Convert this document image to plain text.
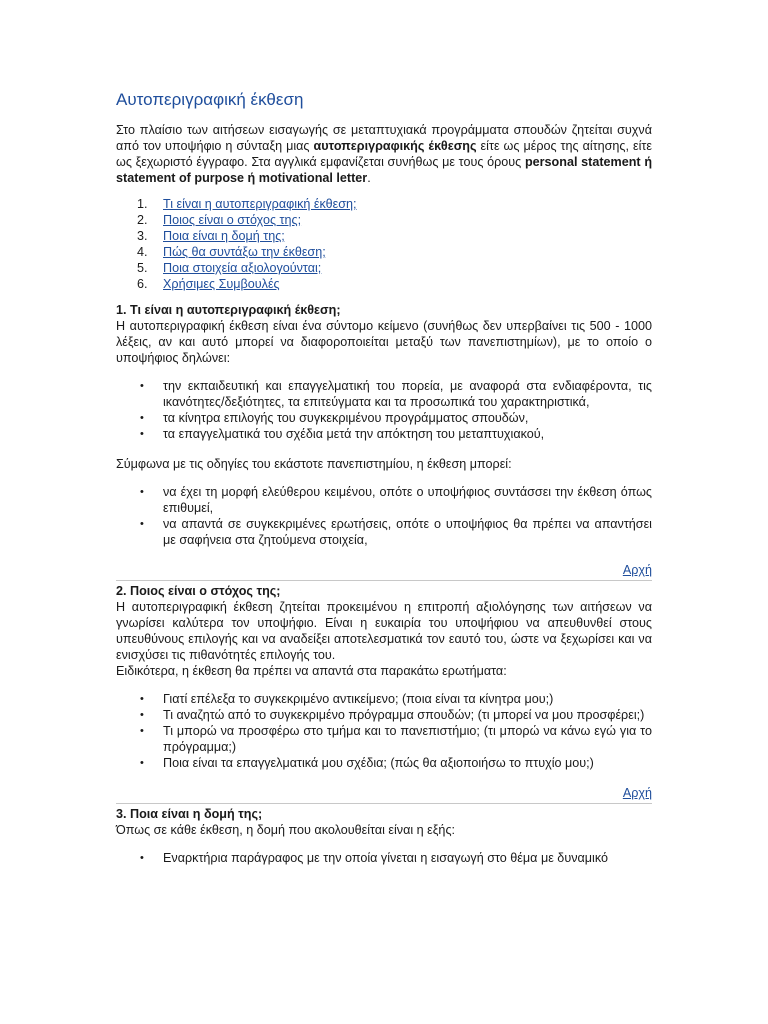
Αυτοπεριγραφική έκθεση

Στο πλαίσιο των αιτήσεων εισαγωγής σε μεταπτυχιακά προγράμματα σπουδών ζητείται συχνά από τον υποψήφιο η σύνταξη μιας αυτοπεριγραφικής έκθεσης είτε ως μέρος της αίτησης, είτε ως ξεχωριστό έγγραφο. Στα αγγλικά εμφανίζεται συνήθως με τους όρους personal statement ή statement of purpose ή motivational letter.

1.	Τι είναι η αυτοπεριγραφική έκθεση;
2.	Ποιος είναι ο στόχος της;
3.	Ποια είναι η δομή της;
4.	Πώς θα συντάξω την έκθεση;
5.	Ποια στοιχεία αξιολογούνται;
6.	Χρήσιμες Συμβουλές
1. Τι είναι η αυτοπεριγραφική έκθεση;

Η αυτοπεριγραφική έκθεση είναι ένα σύντομο κείμενο (συνήθως δεν υπερβαίνει τις 500 - 1000 λέξεις, αν και αυτό μπορεί να διαφοροποιείται μεταξύ των πανεπιστημίων), με το οποίο ο υποψήφιος δηλώνει:

• την εκπαιδευτική και επαγγελματική του πορεία, με αναφορά στα ενδιαφέροντα, τις ικανότητες/δεξιότητες, τα επιτεύγματα και τα προσωπικά του χαρακτηριστικά,
• τα κίνητρα επιλογής του συγκεκριμένου προγράμματος σπουδών,
• τα επαγγελματικά του σχέδια μετά την απόκτηση του μεταπτυχιακού,

Σύμφωνα με τις οδηγίες του εκάστοτε πανεπιστημίου, η έκθεση μπορεί:

• να έχει τη μορφή ελεύθερου κειμένου, οπότε ο υποψήφιος συντάσσει την έκθεση όπως επιθυμεί,
• να απαντά σε συγκεκριμένες ερωτήσεις, οπότε ο υποψήφιος θα πρέπει να απαντήσει με σαφήνεια στα ζητούμενα στοιχεία,
Αρχή
2. Ποιος είναι ο στόχος της;

Η αυτοπεριγραφική έκθεση ζητείται προκειμένου η επιτροπή αξιολόγησης των αιτήσεων να γνωρίσει καλύτερα τον υποψήφιο. Είναι η ευκαιρία του υποψήφιου να απευθυνθεί στους υπευθύνους επιλογής και να αναδείξει αποτελεσματικά τον εαυτό του, ώστε να ξεχωρίσει και να ενισχύσει τις πιθανότητές επιλογής του.

Ειδικότερα, η έκθεση θα πρέπει να απαντά στα παρακάτω ερωτήματα:

• Γιατί επέλεξα το συγκεκριμένο αντικείμενο; (ποια είναι τα κίνητρα μου;)
• Τι αναζητώ από το συγκεκριμένο πρόγραμμα σπουδών; (τι μπορεί να μου προσφέρει;)
• Τι μπορώ να προσφέρω στο τμήμα και το πανεπιστήμιο; (τι μπορώ να κάνω εγώ για το πρόγραμμα;)
• Ποια είναι τα επαγγελματικά μου σχέδια; (πώς θα αξιοποιήσω το πτυχίο μου;)
Αρχή
3. Ποια είναι η δομή της;

Όπως σε κάθε έκθεση, η δομή που ακολουθείται είναι η εξής:

• Εναρκτήρια παράγραφος με την οποία γίνεται η εισαγωγή στο θέμα με δυναμικό
